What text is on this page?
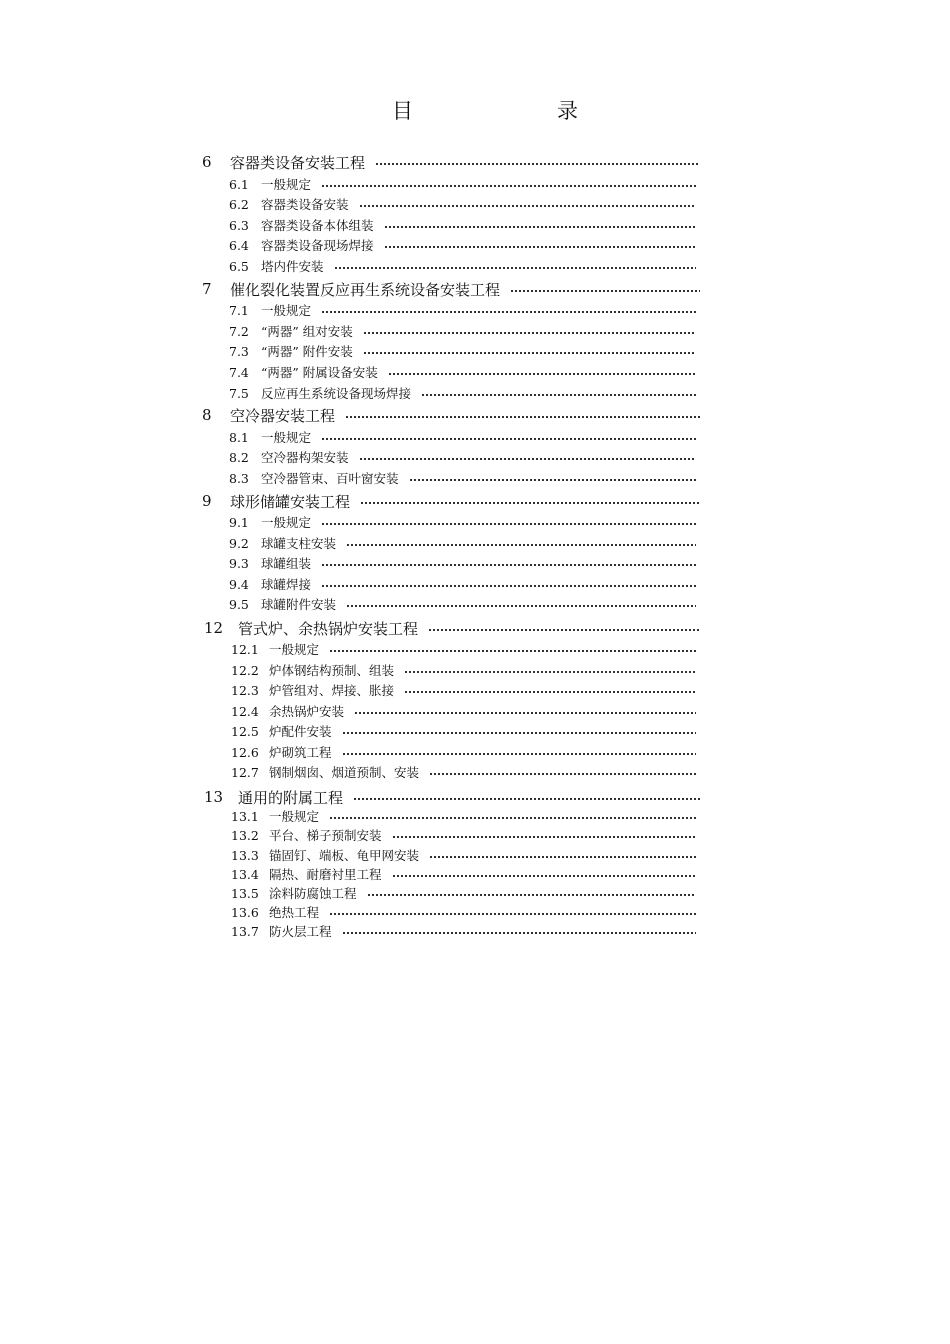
目	录
6	容器类设备安装工程
6.1 一般规定
6.2 容器类设备安装
6.3 容器类设备本体组装
6.4 容器类设备现场焊接
6.5 塔内件安装
7	催化裂化装置反应再生系统设备安装工程
7.1 一般规定
7.2 “两器” 组对安装
7.3 “两器” 附件安装
7.4 “两器” 附属设备安装
7.5 反应再生系统设备现场焊接
8	空冷器安装工程
8.1 一般规定
8.2 空冷器构架安装
8.3 空冷器管束、百叶窗安装
9	球形储罐安装工程
9.1 一般规定
9.2 球罐支柱安装
9.3 球罐组装
9.4 球罐焊接
9.5 球罐附件安装
12 管式炉、余热锅炉安装工程
12.1 一般规定
12.2 炉体钢结构预制、组装
12.3 炉管组对、焊接、胀接
12.4 余热锅炉安装
12.5 炉配件安装
12.6 炉砌筑工程
12.7 钢制烟囱、烟道预制、安装
13 通用的附属工程
13.1 一般规定
13.2 平台、梯子预制安装
13.3 锚固钉、端板、龟甲网安装
13.4 隔热、耐磨衬里工程
13.5 涂料防腐蚀工程
13.6 绝热工程
13.7 防火层工程
